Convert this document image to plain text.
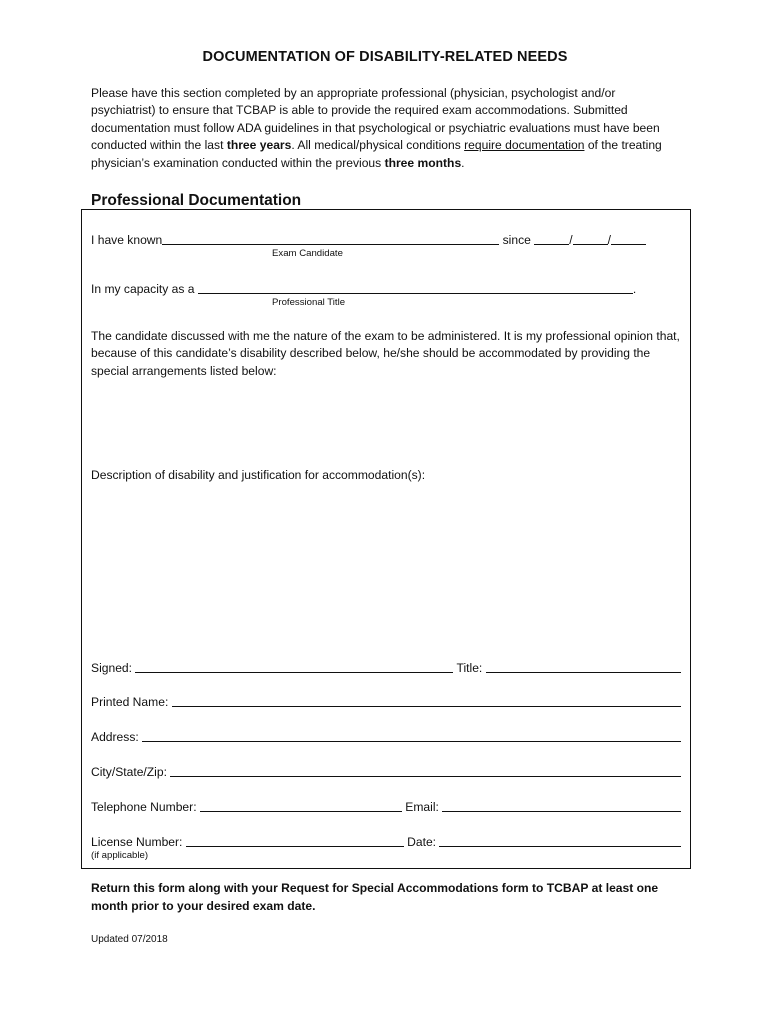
DOCUMENTATION OF DISABILITY-RELATED NEEDS
Please have this section completed by an appropriate professional (physician, psychologist and/or psychiatrist) to ensure that TCBAP is able to provide the required exam accommodations. Submitted documentation must follow ADA guidelines in that psychological or psychiatric evaluations must have been conducted within the last three years. All medical/physical conditions require documentation of the treating physician’s examination conducted within the previous three months.
Professional Documentation
I have known	since	/	/
Exam Candidate
In my capacity as a	.
Professional Title
The candidate discussed with me the nature of the exam to be administered. It is my professional opinion that, because of this candidate’s disability described below, he/she should be accommodated by providing the special arrangements listed below:
Description of disability and justification for accommodation(s):
Signed:	Title:
Printed Name:
Address:
City/State/Zip:
Telephone Number:	Email:
License Number:	Date:
(if applicable)
Return this form along with your Request for Special Accommodations form to TCBAP at least one month prior to your desired exam date.
Updated 07/2018
